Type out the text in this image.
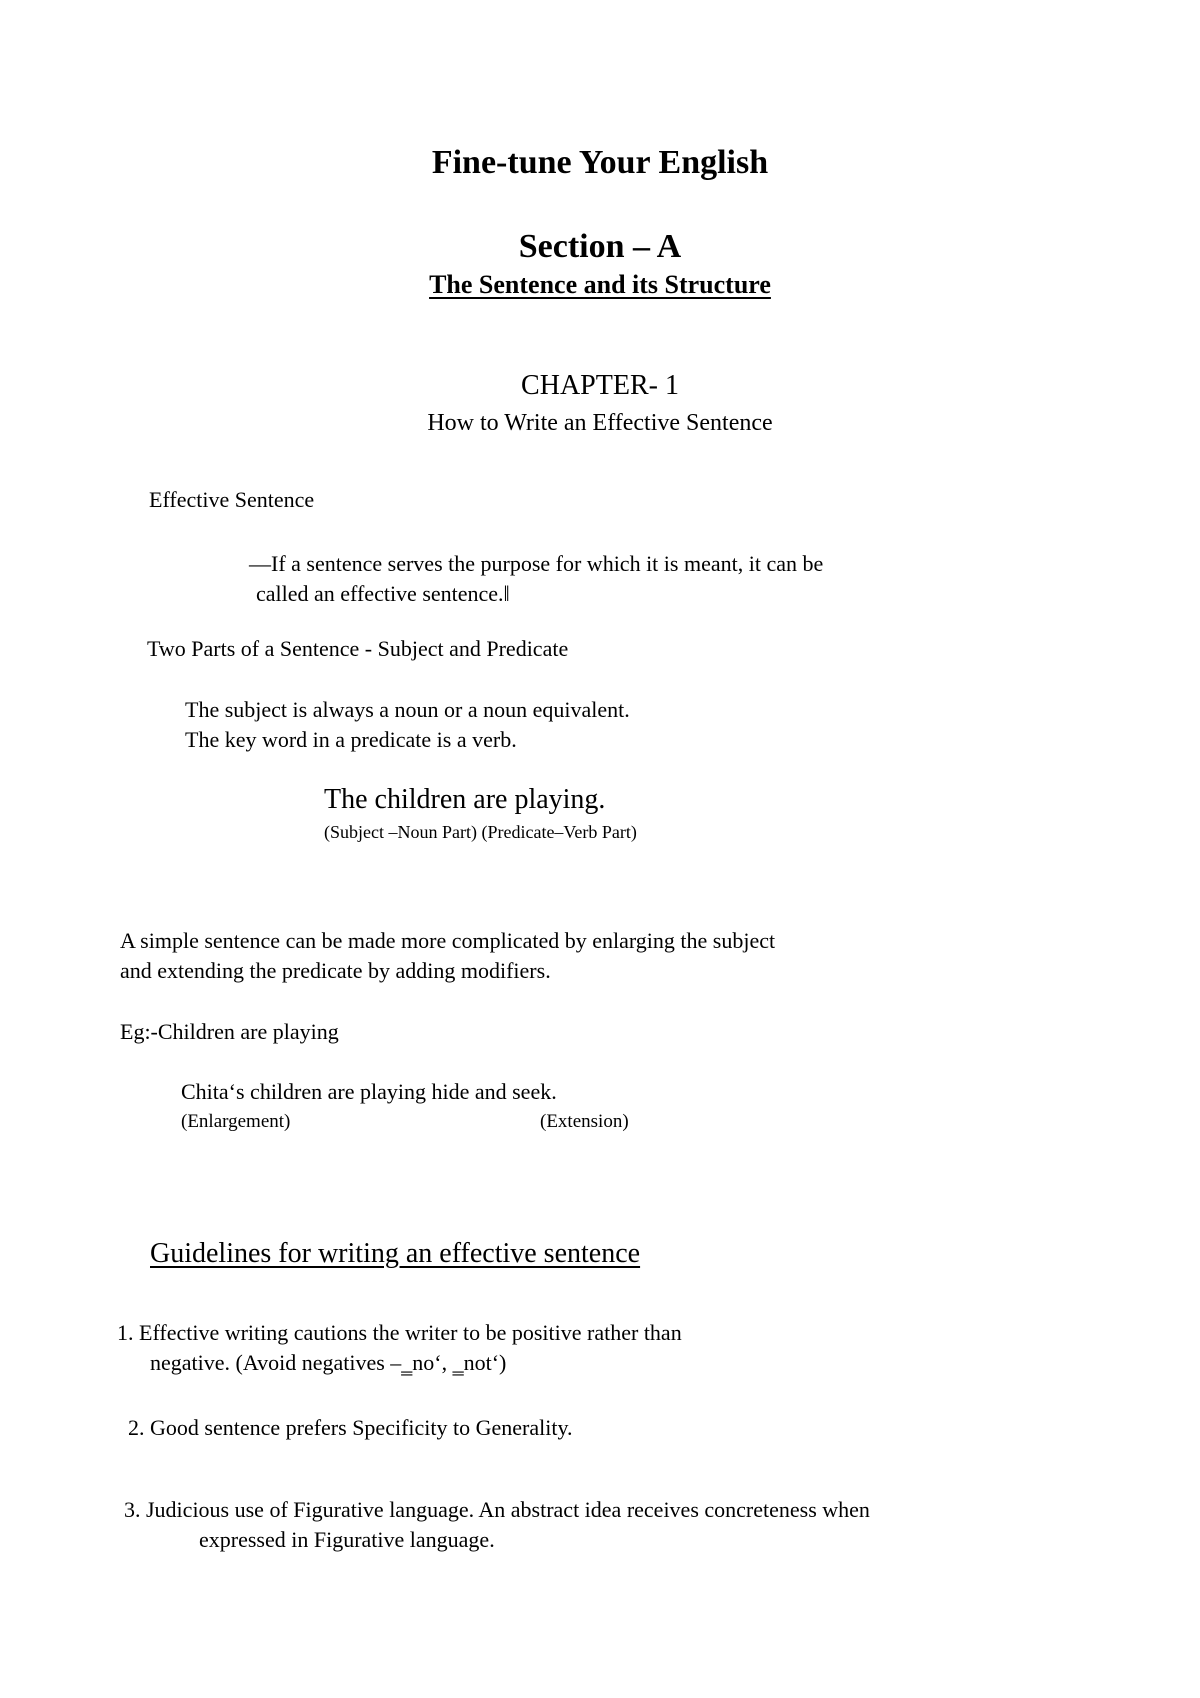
Fine-tune Your English
Section – A
The Sentence and its Structure
CHAPTER- 1
How to Write an Effective Sentence
Effective Sentence
―If a sentence serves the purpose for which it is meant, it can be
called an effective sentence.‖
Two Parts of a Sentence - Subject and Predicate
The subject is always a noun or a noun equivalent.
The key word in a predicate is a verb.
The children are playing.
(Subject –Noun Part) (Predicate–Verb Part)
A simple sentence can be made more complicated by enlarging the subject
and extending the predicate by adding modifiers.
Eg:-Children are playing
Chita‘s children are playing hide and seek.
(Enlargement)	(Extension)
Guidelines for writing an effective sentence
1. Effective writing cautions the writer to be positive rather than
negative. (Avoid negatives –‗no‘, ‗not‘)
2. Good sentence prefers Specificity to Generality.
3. Judicious use of Figurative language. An abstract idea receives concreteness when
expressed in Figurative language.
